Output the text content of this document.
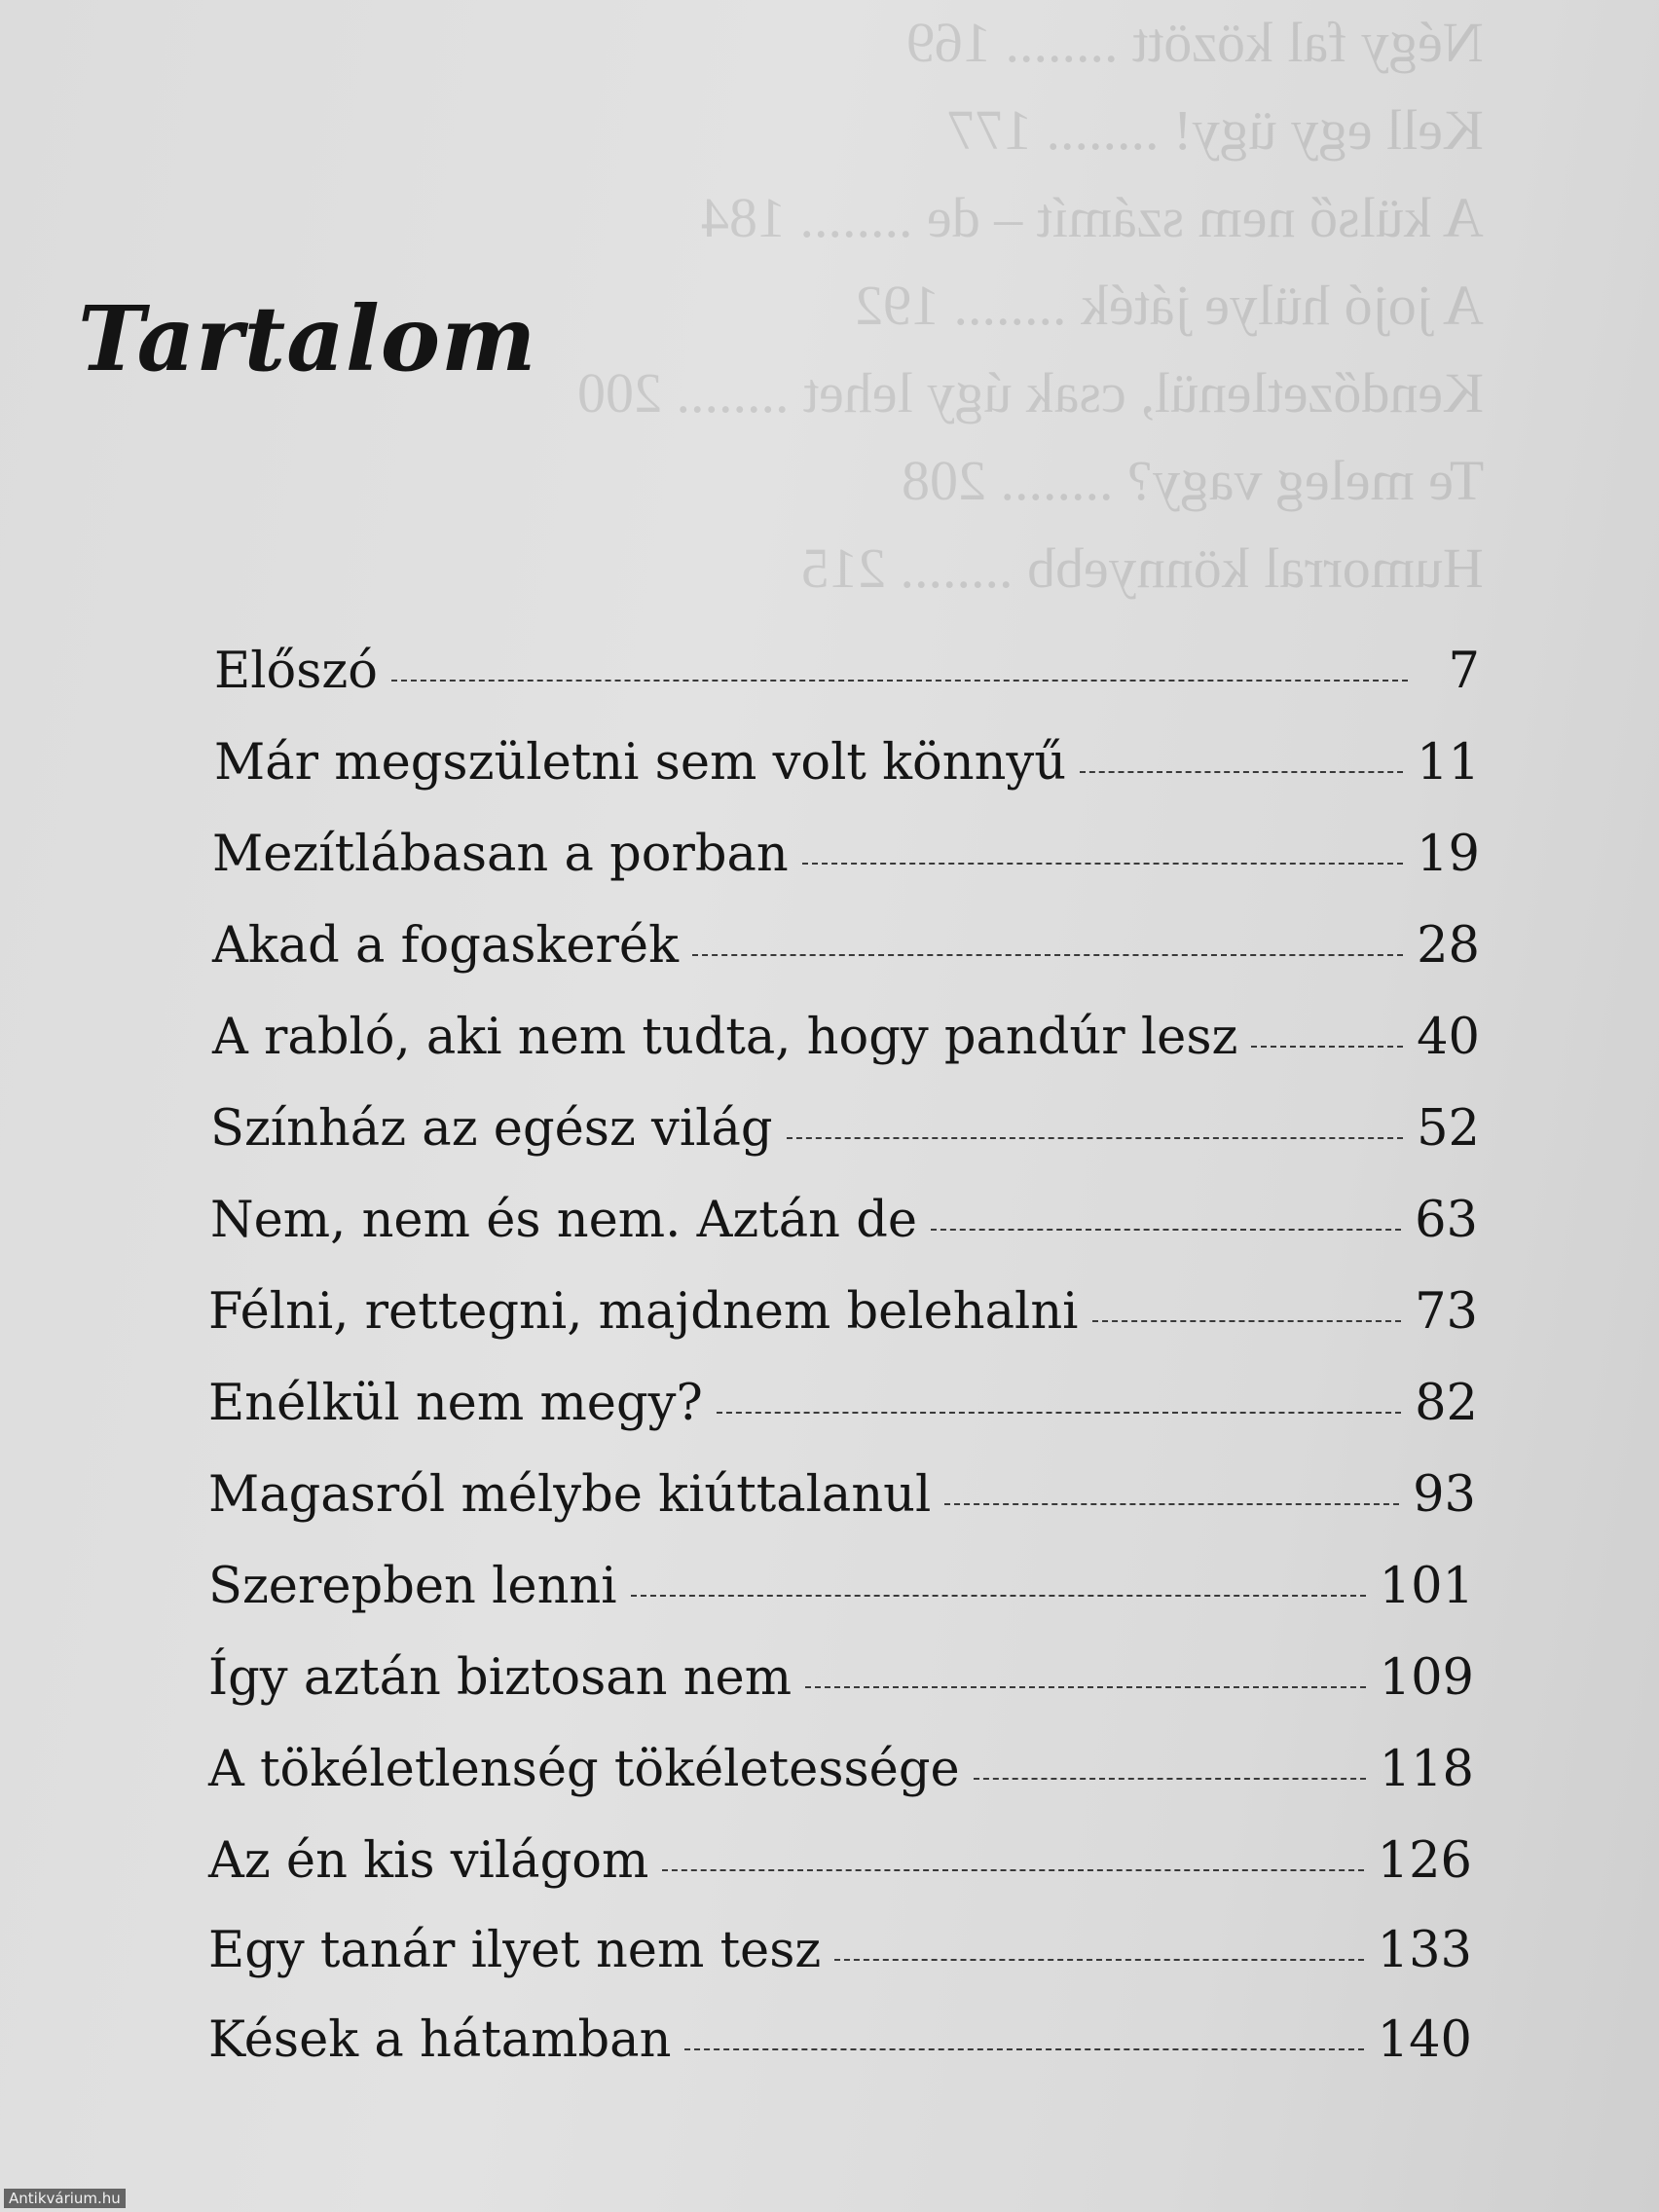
Négy fal között ........ 169
Kell egy ügy! ........ 177
A külső nem számít – de ........ 184
A jojó hülye játék ........ 192
Kendőzetlenül, csak úgy lehet ........ 200
Te meleg vagy? ........ 208
Humorral könnyebb ........ 215
Tartalom
Előszó	7
Már megszületni sem volt könnyű	11
Mezítlábasan a porban	19
Akad a fogaskerék	28
A rabló, aki nem tudta, hogy pandúr lesz	40
Színház az egész világ	52
Nem, nem és nem. Aztán de	63
Félni, rettegni, majdnem belehalni	73
Enélkül nem megy?	82
Magasról mélybe kiúttalanul	93
Szerepben lenni	101
Így aztán biztosan nem	109
A tökéletlenség tökéletessége	118
Az én kis világom	126
Egy tanár ilyet nem tesz	133
Kések a hátamban	140
Antikvárium.hu
